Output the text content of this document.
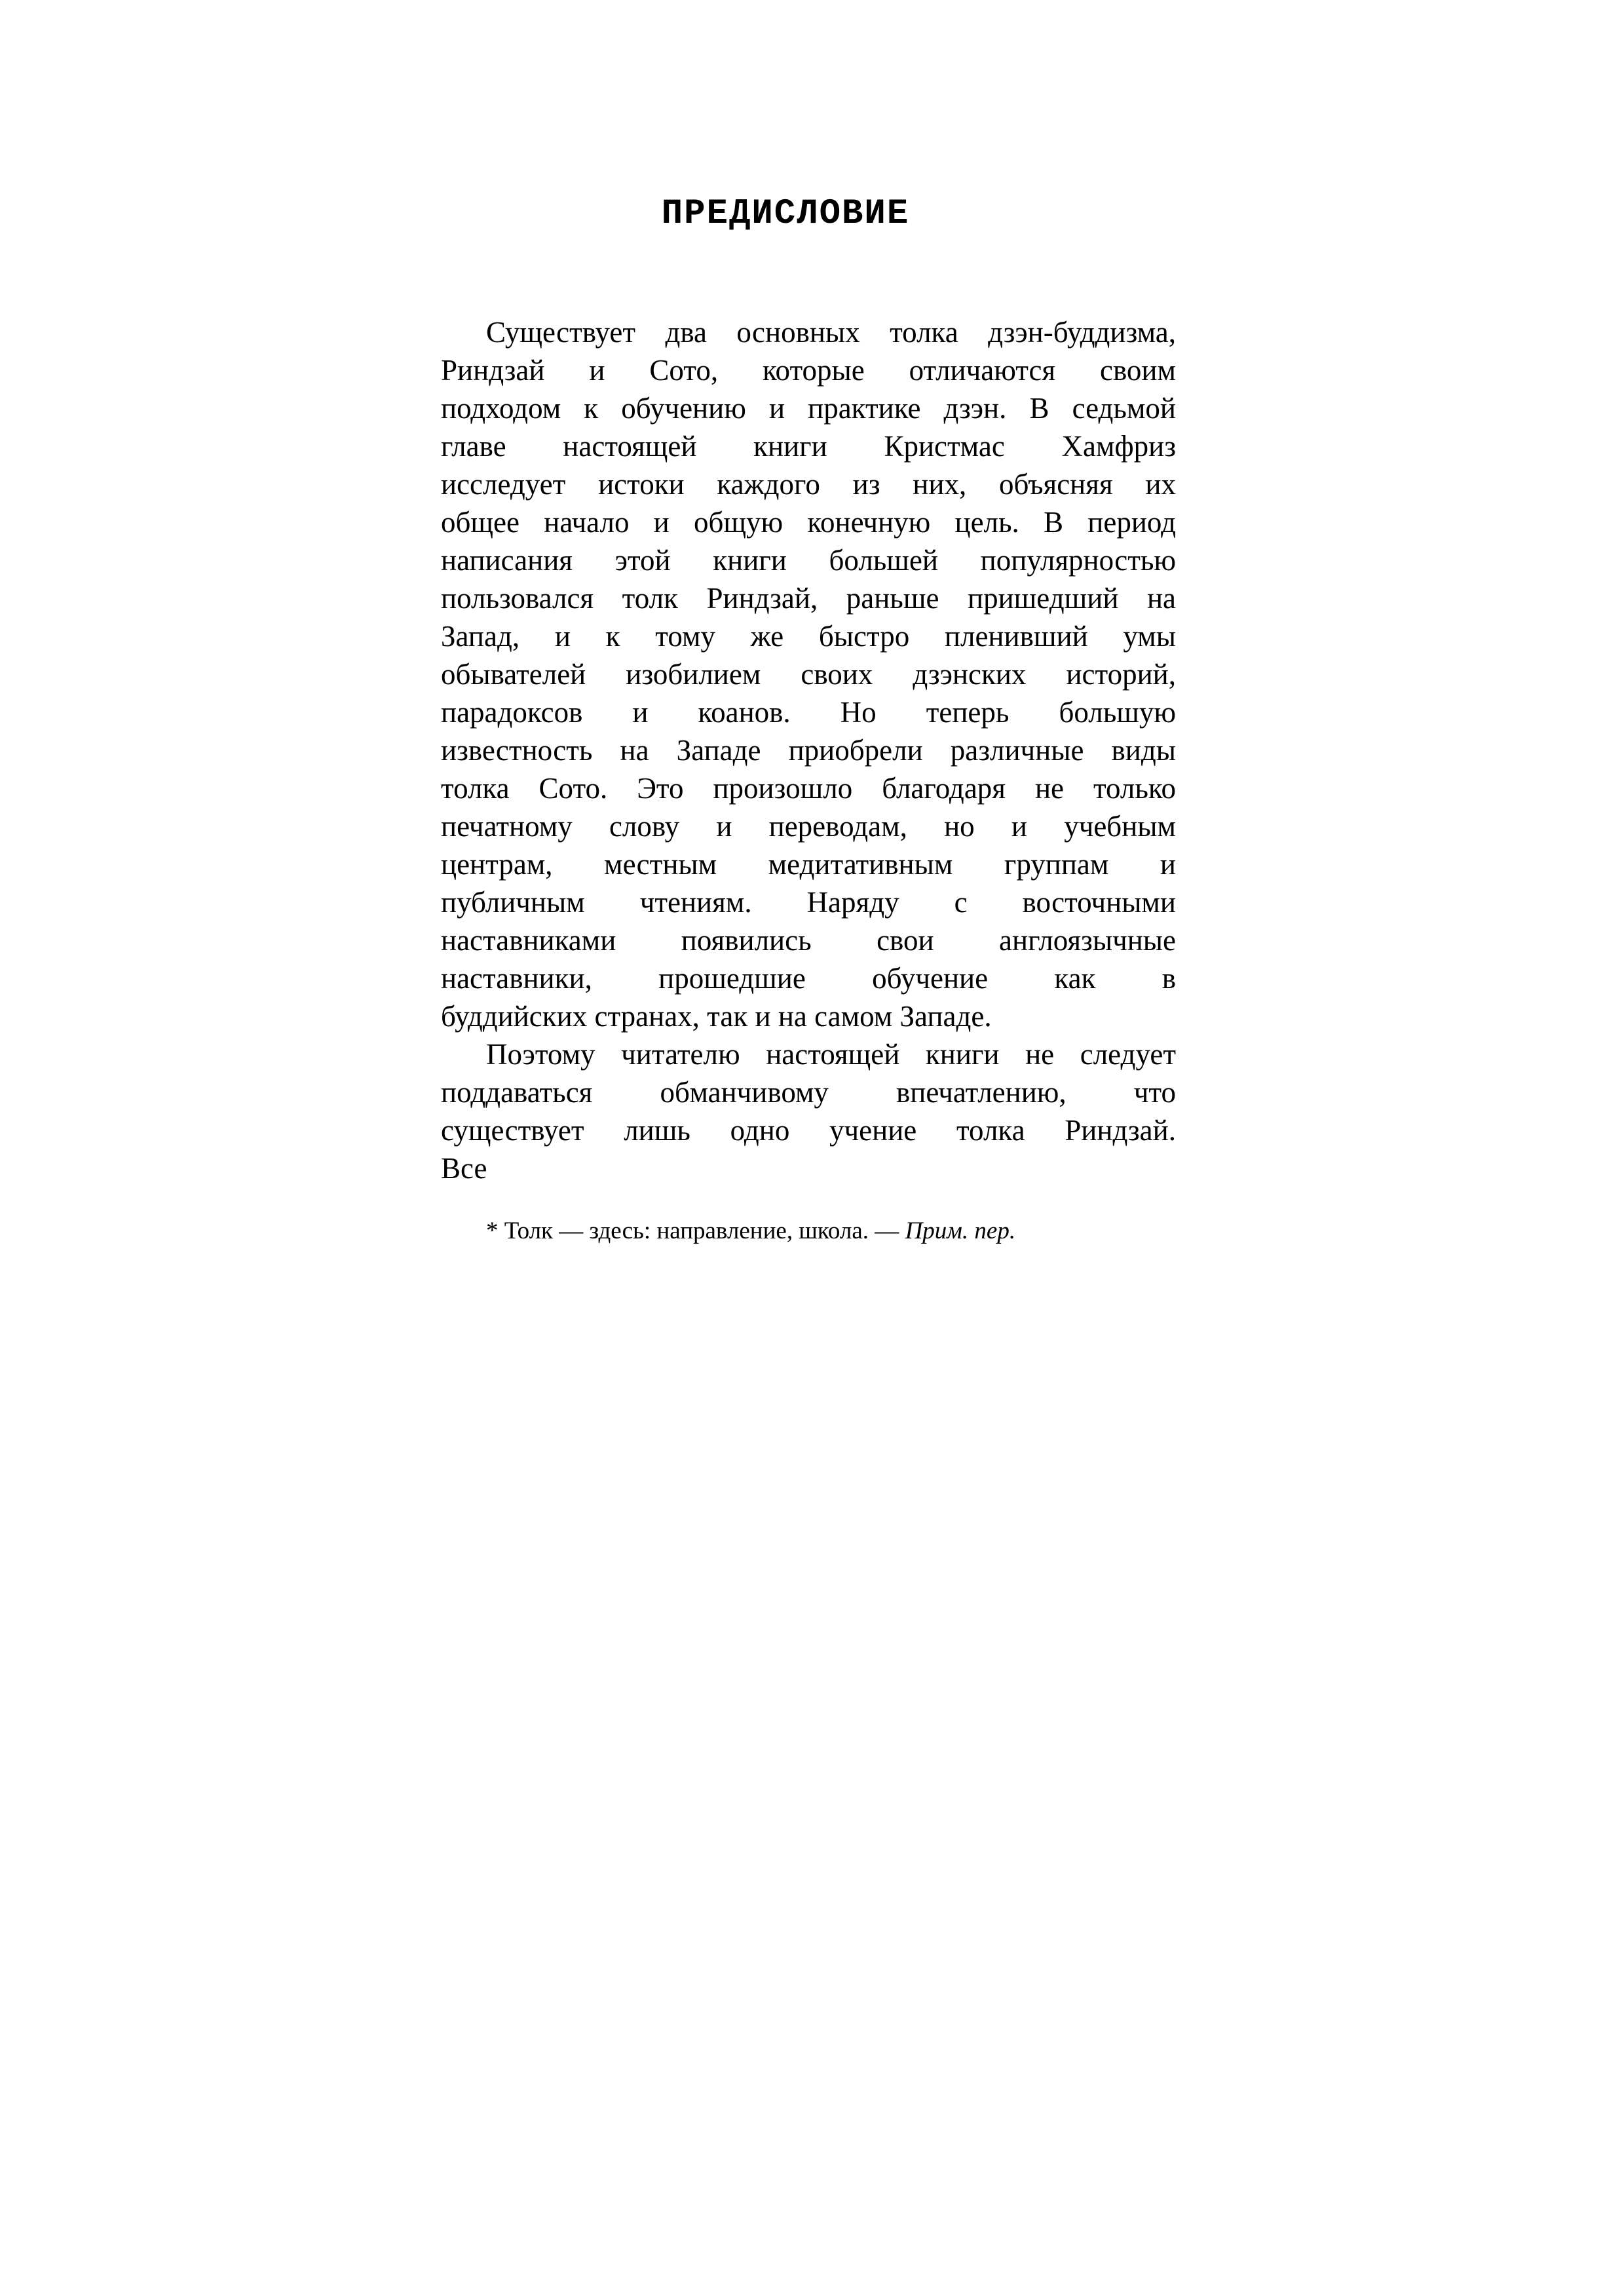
ПРЕДИСЛОВИЕ
Существует два основных толка дзэн-буддизма,
Риндзай и Сото, которые отличаются своим
подходом к обучению и практике дзэн. В седьмой
главе настоящей книги Кристмас Хамфриз
исследует истоки каждого из них, объясняя их
общее начало и общую конечную цель. В период
написания этой книги большей популярностью
пользовался толк Риндзай, раньше пришедший на
Запад, и к тому же быстро пленивший умы
обывателей изобилием своих дзэнских историй,
парадоксов и коанов. Но теперь большую
известность на Западе приобрели различные виды
толка Сото. Это произошло благодаря не только
печатному слову и переводам, но и учебным
центрам, местным медитативным группам и
публичным чтениям. Наряду с восточными
наставниками появились свои англоязычные
наставники, прошедшие обучение как в
буддийских странах, так и на самом Западе.
Поэтому читателю настоящей книги не следует
поддаваться обманчивому впечатлению, что
существует лишь одно учение толка Риндзай.
Все
* Толк — здесь: направление, школа. — Прим. пер.
